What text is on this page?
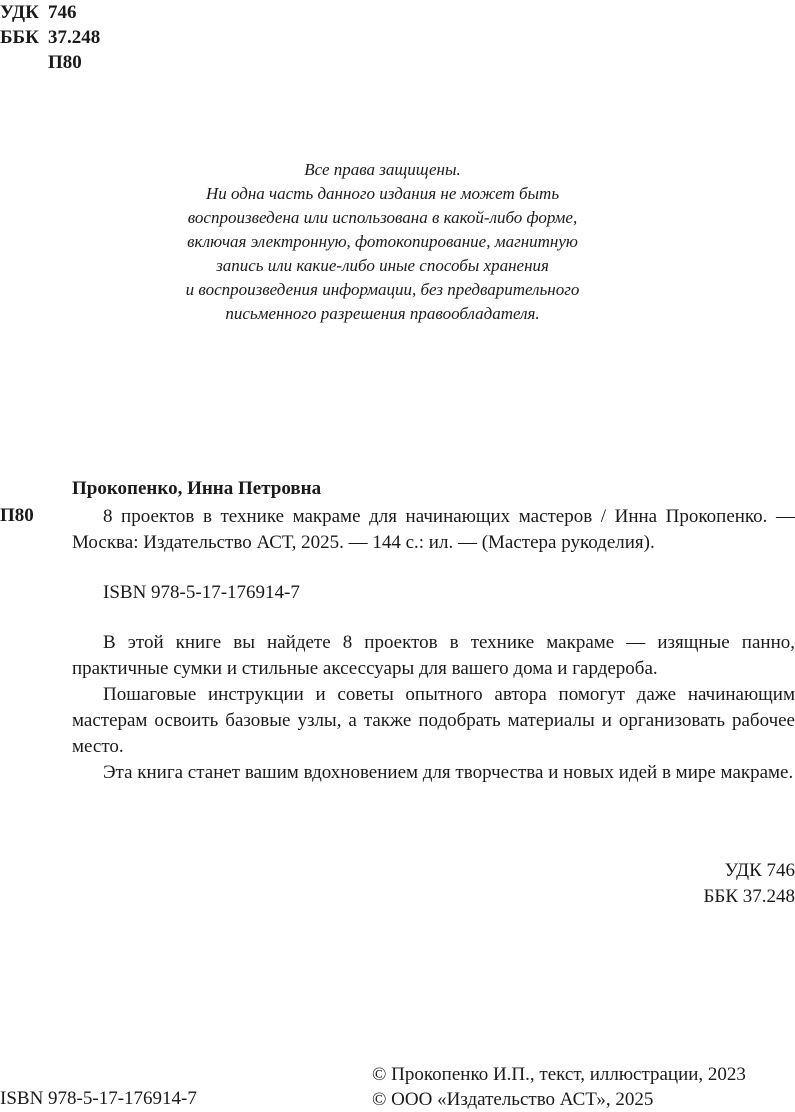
УДК 746
ББК 37.248
П80
Все права защищены.
Ни одна часть данного издания не может быть
воспроизведена или использована в какой-либо форме,
включая электронную, фотокопирование, магнитную
запись или какие-либо иные способы хранения
и воспроизведения информации, без предварительного
письменного разрешения правообладателя.
Прокопенко, Инна Петровна
П80	8 проектов в технике макраме для начинающих мастеров / Инна Прокопенко. — Москва: Издательство АСТ, 2025. — 144 с.: ил. — (Мастера рукоделия).

ISBN 978-5-17-176914-7

В этой книге вы найдете 8 проектов в технике макраме — изящные панно, практичные сумки и стильные аксессуары для вашего дома и гардероба.

Пошаговые инструкции и советы опытного автора помогут даже начинающим мастерам освоить базовые узлы, а также подобрать материалы и организовать рабочее место.

Эта книга станет вашим вдохновением для творчества и новых идей в мире макраме.

УДК 746
ББК 37.248
ISBN 978-5-17-176914-7
© Прокопенко И.П., текст, иллюстрации, 2023
© ООО «Издательство АСТ», 2025
